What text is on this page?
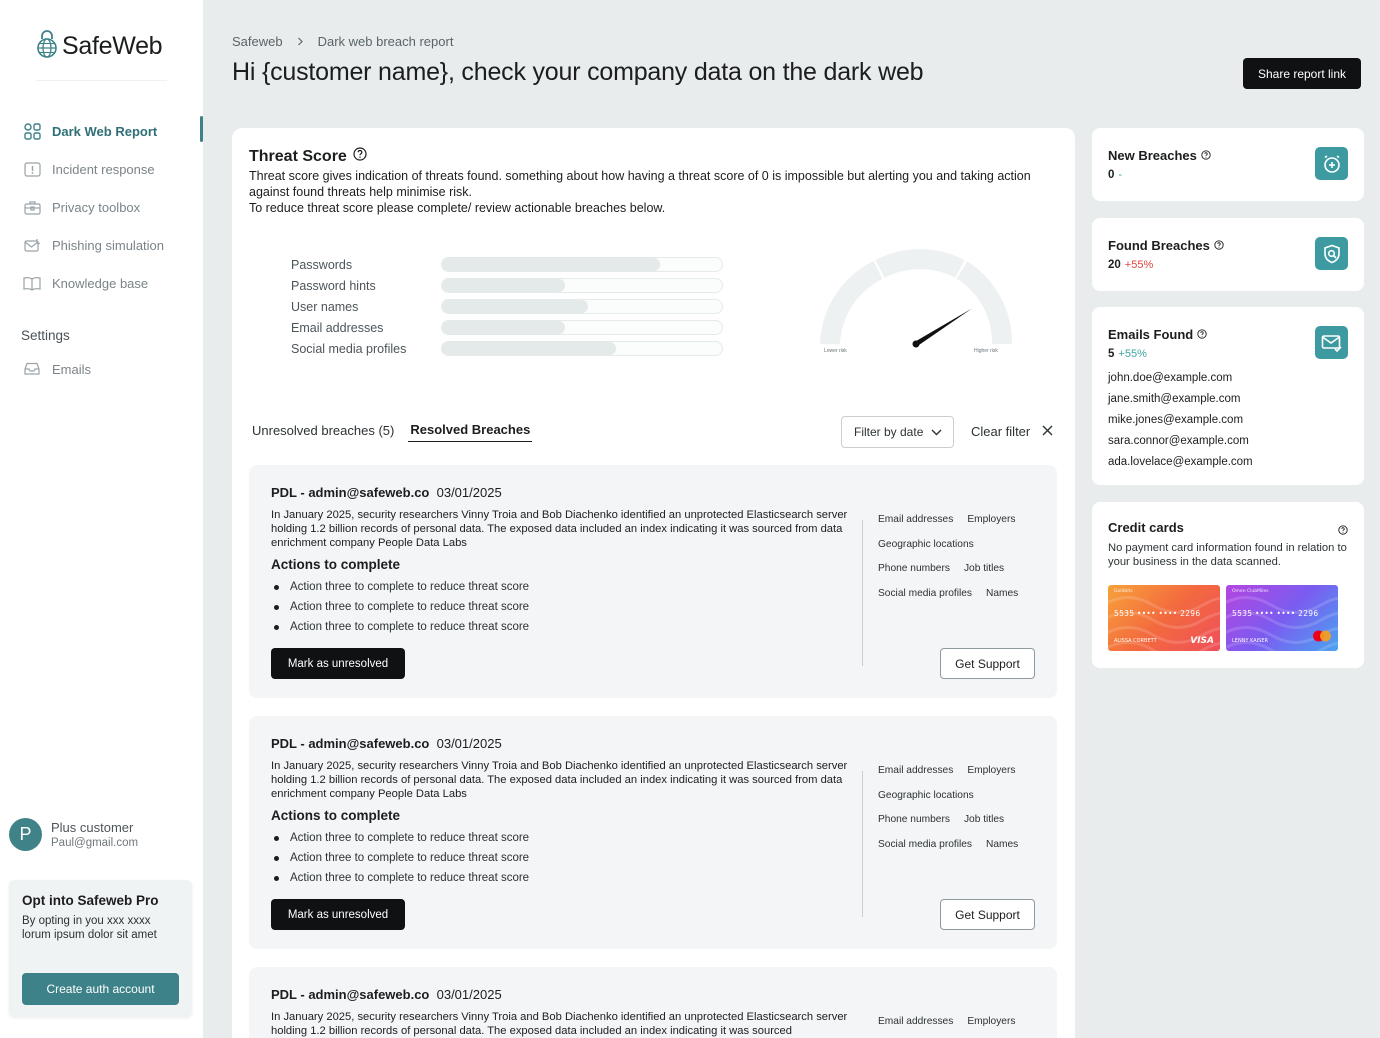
SafeWeb
Dark Web Report
Incident response
Privacy toolbox
Phishing simulation
Knowledge base
Settings
Emails
P	Plus customer
Paul@gmail.com
Opt into Safeweb Pro
By opting in you xxx xxxx lorum ipsum dolor sit amet
Create auth account
Safeweb	Dark web breach report
Hi {customer name}, check your company data on the dark web	Share report link
Threat Score

Threat score gives indication of threats found. something about how having a threat score of 0 is impossible but alerting you and taking action against found threats help minimise risk.
To reduce threat score please complete/ review actionable breaches below.

Passwords
Password hints
User names
Email addresses
Social media profiles	Lower risk	Higher risk
Unresolved breaches (5) Resolved Breaches	Filter by date	Clear filter
PDL - admin@safeweb.co 03/01/2025

In January 2025, security researchers Vinny Troia and Bob Diachenko identified an unprotected Elasticsearch server holding 1.2 billion records of personal data. The exposed data included an index indicating it was sourced from data enrichment company People Data Labs

Actions to complete
Action three to complete to reduce threat score
Action three to complete to reduce threat score
Action three to complete to reduce threat score
Mark as unresolved
Email addresses Employers
Geographic locations
Phone numbers Job titles
Social media profiles Names
Get Support
PDL - admin@safeweb.co 03/01/2025

In January 2025, security researchers Vinny Troia and Bob Diachenko identified an unprotected Elasticsearch server holding 1.2 billion records of personal data. The exposed data included an index indicating it was sourced from data enrichment company People Data Labs

Actions to complete
Action three to complete to reduce threat score
Action three to complete to reduce threat score
Action three to complete to reduce threat score
Mark as unresolved
Email addresses Employers
Geographic locations
Phone numbers Job titles
Social media profiles Names
Get Support
PDL - admin@safeweb.co 03/01/2025

In January 2025, security researchers Vinny Troia and Bob Diachenko identified an unprotected Elasticsearch server holding 1.2 billion records of personal data. The exposed data included an index indicating it was sourced

Email addresses Employers
New Breaches
0 -
Found Breaches
20 +55%
Emails Found
5 +55%
john.doe@example.com
jane.smith@example.com
mike.jones@example.com
sara.connor@example.com
ada.lovelace@example.com
Credit cards

No payment card information found in relation to your business in the data scanned.

Goldbits
5535 •••• •••• 2296
ALISSA CORBETT	VISA
Omen ClubMiles
5535 •••• •••• 2296
LENNY KAISER
